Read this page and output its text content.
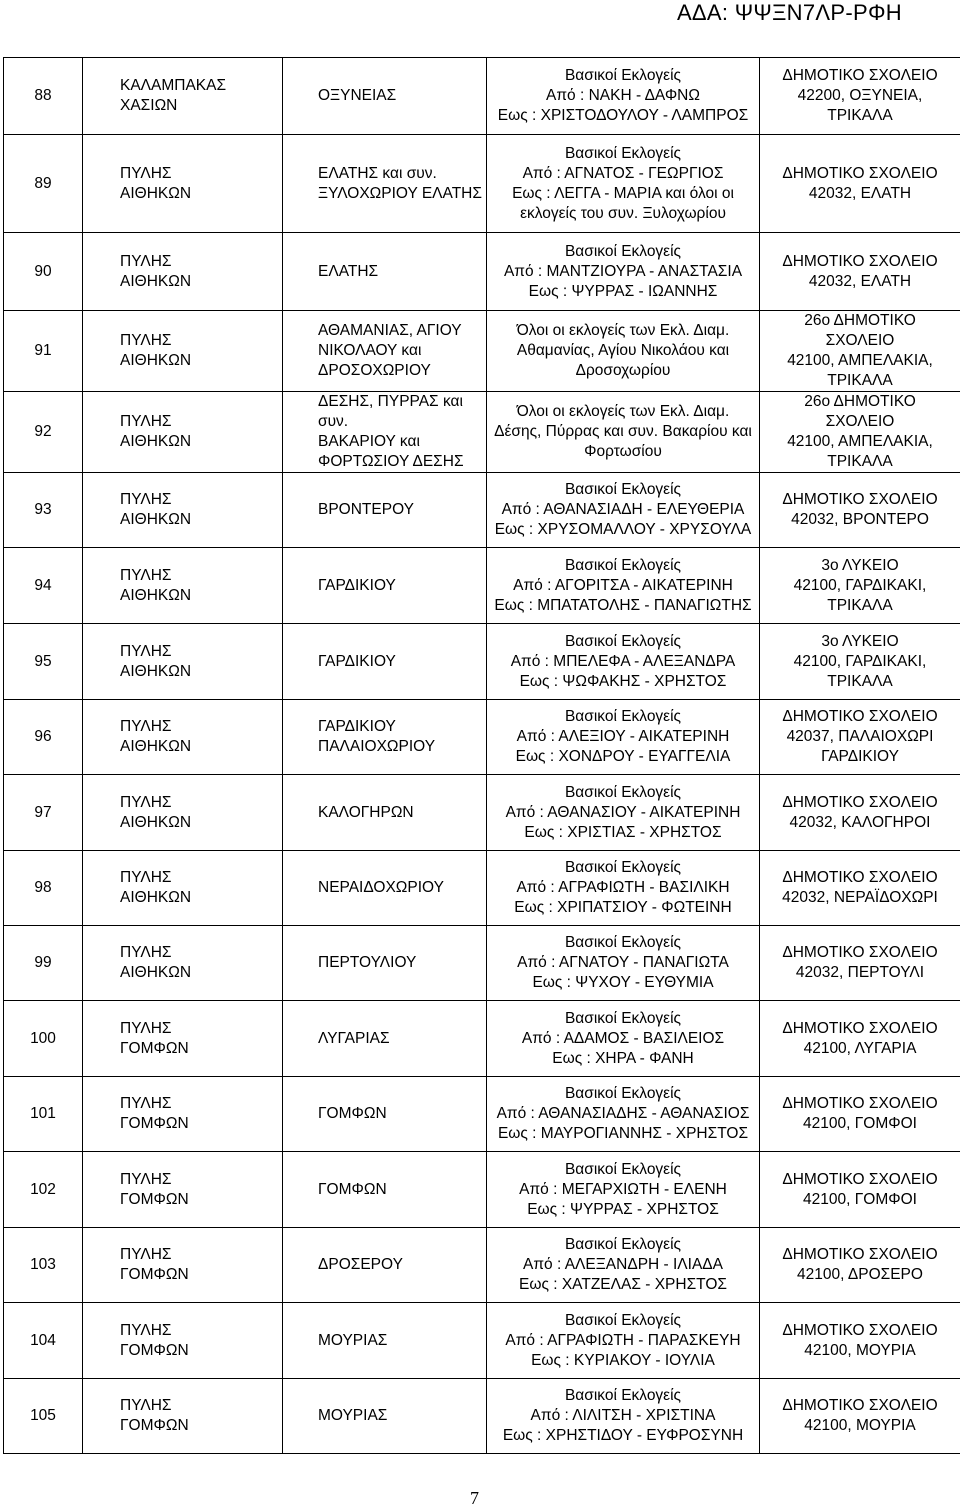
ΑΔΑ: ΨΨΞΝ7ΛΡ-ΡΦΗ
88	ΚΑΛΑΜΠΑΚΑΣ
ΧΑΣΙΩΝ	ΟΞΥΝΕΙΑΣ	Βασικοί Εκλογείς
Από : ΝΑΚΗ - ΔΑΦΝΩ
Εως : ΧΡΙΣΤΟΔΟΥΛΟΥ - ΛΑΜΠΡΟΣ	ΔΗΜΟΤΙΚΟ ΣΧΟΛΕΙΟ
42200, ΟΞΥΝΕΙΑ,
ΤΡΙΚΑΛΑ

89	ΠΥΛΗΣ
ΑΙΘΗΚΩΝ	ΕΛΑΤΗΣ και συν.
ΞΥΛΟΧΩΡΙΟΥ ΕΛΑΤΗΣ	Βασικοί Εκλογείς
Από : ΑΓΝΑΤΟΣ - ΓΕΩΡΓΙΟΣ
Εως : ΛΕΓΓΑ - ΜΑΡΙΑ και όλοι οι
εκλογείς του συν. Ξυλοχωρίου	ΔΗΜΟΤΙΚΟ ΣΧΟΛΕΙΟ
42032, ΕΛΑΤΗ

90	ΠΥΛΗΣ
ΑΙΘΗΚΩΝ	ΕΛΑΤΗΣ	Βασικοί Εκλογείς
Από : ΜΑΝΤΖΙΟΥΡΑ - ΑΝΑΣΤΑΣΙΑ
Εως : ΨΥΡΡΑΣ - ΙΩΑΝΝΗΣ	ΔΗΜΟΤΙΚΟ ΣΧΟΛΕΙΟ
42032, ΕΛΑΤΗ

91	ΠΥΛΗΣ
ΑΙΘΗΚΩΝ	ΑΘΑΜΑΝΙΑΣ, ΑΓΙΟΥ
ΝΙΚΟΛΑΟΥ και
ΔΡΟΣΟΧΩΡΙΟΥ	Όλοι οι εκλογείς των Εκλ. Διαμ.
Αθαμανίας, Αγίου Νικολάου και
Δροσοχωρίου	26ο ΔΗΜΟΤΙΚΟ
ΣΧΟΛΕΙΟ
42100, ΑΜΠΕΛΑΚΙΑ,
ΤΡΙΚΑΛΑ

92	ΠΥΛΗΣ
ΑΙΘΗΚΩΝ	ΔΕΣΗΣ, ΠΥΡΡΑΣ και συν.
ΒΑΚΑΡΙΟΥ και
ΦΟΡΤΩΣΙΟΥ ΔΕΣΗΣ	Όλοι οι εκλογείς των Εκλ. Διαμ.
Δέσης, Πύρρας και συν. Βακαρίου και
Φορτωσίου	26ο ΔΗΜΟΤΙΚΟ
ΣΧΟΛΕΙΟ
42100, ΑΜΠΕΛΑΚΙΑ,
ΤΡΙΚΑΛΑ

93	ΠΥΛΗΣ
ΑΙΘΗΚΩΝ	ΒΡΟΝΤΕΡΟΥ	Βασικοί Εκλογείς
Από : ΑΘΑΝΑΣΙΑΔΗ - ΕΛΕΥΘΕΡΙΑ
Εως : ΧΡΥΣΟΜΑΛΛΟΥ - ΧΡΥΣΟΥΛΑ	ΔΗΜΟΤΙΚΟ ΣΧΟΛΕΙΟ
42032, ΒΡΟΝΤΕΡΟ

94	ΠΥΛΗΣ
ΑΙΘΗΚΩΝ	ΓΑΡΔΙΚΙΟΥ	Βασικοί Εκλογείς
Από : ΑΓΟΡΙΤΣΑ - ΑΙΚΑΤΕΡΙΝΗ
Εως : ΜΠΑΤΑΤΟΛΗΣ - ΠΑΝΑΓΙΩΤΗΣ	3ο ΛΥΚΕΙΟ
42100, ΓΑΡΔΙΚΑΚΙ,
ΤΡΙΚΑΛΑ

95	ΠΥΛΗΣ
ΑΙΘΗΚΩΝ	ΓΑΡΔΙΚΙΟΥ	Βασικοί Εκλογείς
Από : ΜΠΕΛΕΦΑ - ΑΛΕΞΑΝΔΡΑ
Εως : ΨΩΦΑΚΗΣ - ΧΡΗΣΤΟΣ	3ο ΛΥΚΕΙΟ
42100, ΓΑΡΔΙΚΑΚΙ,
ΤΡΙΚΑΛΑ

96	ΠΥΛΗΣ
ΑΙΘΗΚΩΝ	ΓΑΡΔΙΚΙΟΥ
ΠΑΛΑΙΟΧΩΡΙΟΥ	Βασικοί Εκλογείς
Από : ΑΛΕΞΙΟΥ - ΑΙΚΑΤΕΡΙΝΗ
Εως : ΧΟΝΔΡΟΥ - ΕΥΑΓΓΕΛΙΑ	ΔΗΜΟΤΙΚΟ ΣΧΟΛΕΙΟ
42037, ΠΑΛΑΙΟΧΩΡΙ
ΓΑΡΔΙΚΙΟΥ

97	ΠΥΛΗΣ
ΑΙΘΗΚΩΝ	ΚΑΛΟΓΗΡΩΝ	Βασικοί Εκλογείς
Από : ΑΘΑΝΑΣΙΟΥ - ΑΙΚΑΤΕΡΙΝΗ
Εως : ΧΡΙΣΤΙΑΣ - ΧΡΗΣΤΟΣ	ΔΗΜΟΤΙΚΟ ΣΧΟΛΕΙΟ
42032, ΚΑΛΟΓΗΡΟΙ

98	ΠΥΛΗΣ
ΑΙΘΗΚΩΝ	ΝΕΡΑΙΔΟΧΩΡΙΟΥ	Βασικοί Εκλογείς
Από : ΑΓΡΑΦΙΩΤΗ - ΒΑΣΙΛΙΚΗ
Εως : ΧΡΙΠΑΤΣΙΟΥ - ΦΩΤΕΙΝΗ	ΔΗΜΟΤΙΚΟ ΣΧΟΛΕΙΟ
42032, ΝΕΡΑΪΔΟΧΩΡΙ

99	ΠΥΛΗΣ
ΑΙΘΗΚΩΝ	ΠΕΡΤΟΥΛΙΟΥ	Βασικοί Εκλογείς
Από : ΑΓΝΑΤΟΥ - ΠΑΝΑΓΙΩΤΑ
Εως : ΨΥΧΟΥ - ΕΥΘΥΜΙΑ	ΔΗΜΟΤΙΚΟ ΣΧΟΛΕΙΟ
42032, ΠΕΡΤΟΥΛΙ

100	ΠΥΛΗΣ
ΓΟΜΦΩΝ	ΛΥΓΑΡΙΑΣ	Βασικοί Εκλογείς
Από : ΑΔΑΜΟΣ - ΒΑΣΙΛΕΙΟΣ
Εως : ΧΗΡΑ - ΦΑΝΗ	ΔΗΜΟΤΙΚΟ ΣΧΟΛΕΙΟ
42100, ΛΥΓΑΡΙΑ

101	ΠΥΛΗΣ
ΓΟΜΦΩΝ	ΓΟΜΦΩΝ	Βασικοί Εκλογείς
Από : ΑΘΑΝΑΣΙΑΔΗΣ - ΑΘΑΝΑΣΙΟΣ
Εως : ΜΑΥΡΟΓΙΑΝΝΗΣ - ΧΡΗΣΤΟΣ	ΔΗΜΟΤΙΚΟ ΣΧΟΛΕΙΟ
42100, ΓΟΜΦΟΙ

102	ΠΥΛΗΣ
ΓΟΜΦΩΝ	ΓΟΜΦΩΝ	Βασικοί Εκλογείς
Από : ΜΕΓΑΡΧΙΩΤΗ - ΕΛΕΝΗ
Εως : ΨΥΡΡΑΣ - ΧΡΗΣΤΟΣ	ΔΗΜΟΤΙΚΟ ΣΧΟΛΕΙΟ
42100, ΓΟΜΦΟΙ

103	ΠΥΛΗΣ
ΓΟΜΦΩΝ	ΔΡΟΣΕΡΟΥ	Βασικοί Εκλογείς
Από : ΑΛΕΞΑΝΔΡΗ - ΙΛΙΑΔΑ
Εως : ΧΑΤΖΕΛΑΣ - ΧΡΗΣΤΟΣ	ΔΗΜΟΤΙΚΟ ΣΧΟΛΕΙΟ
42100, ΔΡΟΣΕΡΟ

104	ΠΥΛΗΣ
ΓΟΜΦΩΝ	ΜΟΥΡΙΑΣ	Βασικοί Εκλογείς
Από : ΑΓΡΑΦΙΩΤΗ - ΠΑΡΑΣΚΕΥΗ
Εως : ΚΥΡΙΑΚΟΥ - ΙΟΥΛΙΑ	ΔΗΜΟΤΙΚΟ ΣΧΟΛΕΙΟ
42100, ΜΟΥΡΙΑ

105	ΠΥΛΗΣ
ΓΟΜΦΩΝ	ΜΟΥΡΙΑΣ	Βασικοί Εκλογείς
Από : ΛΙΛΙΤΣΗ - ΧΡΙΣΤΙΝΑ
Εως : ΧΡΗΣΤΙΔΟΥ - ΕΥΦΡΟΣΥΝΗ	ΔΗΜΟΤΙΚΟ ΣΧΟΛΕΙΟ
42100, ΜΟΥΡΙΑ
7
